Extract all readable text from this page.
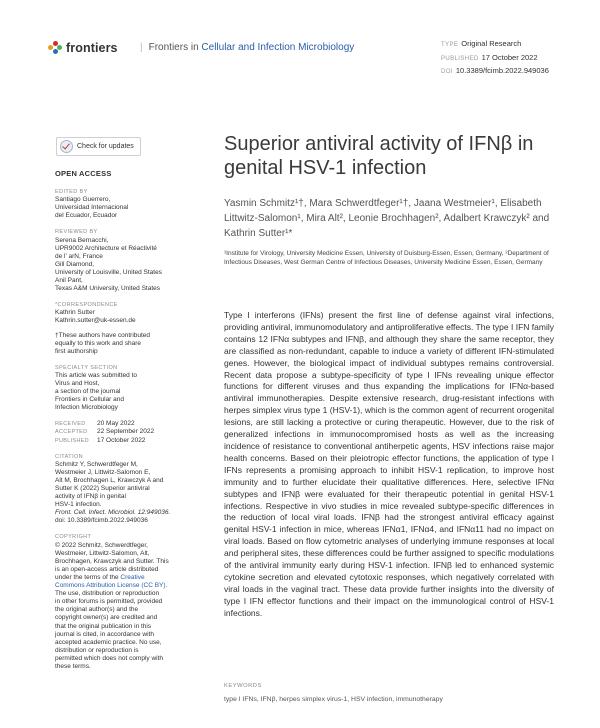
frontiers | Frontiers in Cellular and Infection Microbiology	TYPE Original Research
PUBLISHED 17 October 2022
DOI 10.3389/fcimb.2022.949036
Check for updates
OPEN ACCESS
EDITED BY
Santiago Guerrero,
Universidad Internacional
del Ecuador, Ecuador
REVIEWED BY
Serena Bernacchi,
UPR9002 Architecture et Réactivité
de l' arN, France
Gill Diamond,
University of Louisville, United States
Anil Pant,
Texas A&M University, United States
*CORRESPONDENCE
Kathrin Sutter
Kathrin.sutter@uk-essen.de
†These authors have contributed
equally to this work and share
first authorship
SPECIALTY SECTION
This article was submitted to
Virus and Host,
a section of the journal
Frontiers in Cellular and
Infection Microbiology
RECEIVED	20 May 2022
ACCEPTED	22 September 2022
PUBLISHED	17 October 2022
CITATION
Schmitz Y, Schwerdtfeger M,
Westmeier J, Littwitz-Salomon E,
Alt M, Brochhagen L, Krawczyk A and
Sutter K (2022) Superior antiviral
activity of IFNβ in genital
HSV-1 infection.
Front. Cell. Infect. Microbiol. 12:949036.
doi: 10.3389/fcimb.2022.949036
COPYRIGHT
© 2022 Schmitz, Schwerdtfeger,
Westmeier, Littwitz-Salomon, Alt,
Brochhagen, Krawczyk and Sutter. This
is an open-access article distributed
under the terms of the Creative
Commons Attribution License (CC BY).
The use, distribution or reproduction
in other forums is permitted, provided
the original author(s) and the
copyright owner(s) are credited and
that the original publication in this
journal is cited, in accordance with
accepted academic practice. No use,
distribution or reproduction is
permitted which does not comply with
these terms.
Superior antiviral activity of IFNβ in genital HSV-1 infection
Yasmin Schmitz¹†, Mara Schwerdtfeger¹†, Jaana Westmeier¹, Elisabeth Littwitz-Salomon¹, Mira Alt², Leonie Brochhagen², Adalbert Krawczyk² and Kathrin Sutter¹*
¹Institute for Virology, University Medicine Essen, University of Duisburg-Essen, Essen, Germany, ²Department of Infectious Diseases, West German Centre of Infectious Diseases, University Medicine Essen, Essen, Germany
Type I interferons (IFNs) present the first line of defense against viral infections, providing antiviral, immunomodulatory and antiproliferative effects. The type I IFN family contains 12 IFNα subtypes and IFNβ, and although they share the same receptor, they are classified as non-redundant, capable to induce a variety of different IFN-stimulated genes. However, the biological impact of individual subtypes remains controversial. Recent data propose a subtype-specificity of type I IFNs revealing unique effector functions for different viruses and thus expanding the implications for IFNα-based antiviral immunotherapies. Despite extensive research, drug-resistant infections with herpes simplex virus type 1 (HSV-1), which is the common agent of recurrent orogenital lesions, are still lacking a protective or curing therapeutic. However, due to the risk of generalized infections in immunocompromised hosts as well as the increasing incidence of resistance to conventional antiherpetic agents, HSV infections raise major health concerns. Based on their pleiotropic effector functions, the application of type I IFNs represents a promising approach to inhibit HSV-1 replication, to improve host immunity and to further elucidate their qualitative differences. Here, selective IFNα subtypes and IFNβ were evaluated for their therapeutic potential in genital HSV-1 infections. Respective in vivo studies in mice revealed subtype-specific differences in the reduction of local viral loads. IFNβ had the strongest antiviral efficacy against genital HSV-1 infection in mice, whereas IFNα1, IFNα4, and IFNα11 had no impact on viral loads. Based on flow cytometric analyses of underlying immune responses at local and peripheral sites, these differences could be further assigned to specific modulations of the antiviral immunity early during HSV-1 infection. IFNβ led to enhanced systemic cytokine secretion and elevated cytotoxic responses, which negatively correlated with viral loads in the vaginal tract. These data provide further insights into the diversity of type I IFN effector functions and their impact on the immunological control of HSV-1 infections.
KEYWORDS
type I IFNs, IFNβ, herpes simplex virus-1, HSV infection, immunotherapy
